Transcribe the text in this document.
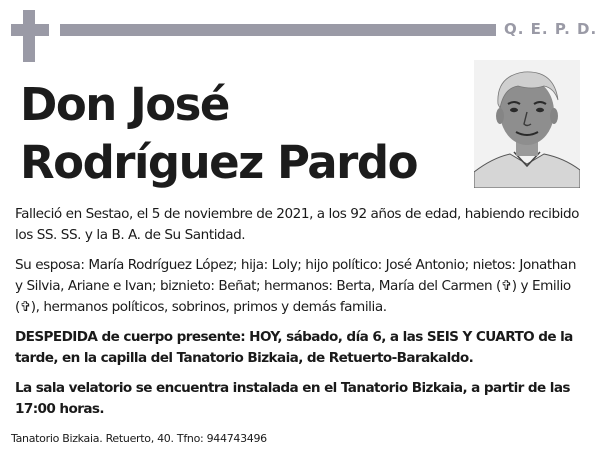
Q. E. P. D.
Don José
Rodríguez Pardo
Falleció en Sestao, el 5 de noviembre de 2021, a los 92 años de edad, habiendo recibido los SS. SS. y la B. A. de Su Santidad.
Su esposa: María Rodríguez López; hija: Loly; hijo político: José Antonio; nietos: Jonathan y Silvia, Ariane e Ivan; biznieto: Beñat; hermanos: Berta, María del Carmen (✞) y Emilio (✞), hermanos políticos, sobrinos, primos y demás familia.
DESPEDIDA de cuerpo presente: HOY, sábado, día 6, a las SEIS Y CUARTO de la tarde, en la capilla del Tanatorio Bizkaia, de Retuerto-Barakaldo.
La sala velatorio se encuentra instalada en el Tanatorio Bizkaia, a partir de las 17:00 horas.
Tanatorio Bizkaia. Retuerto, 40. Tfno: 944743496
